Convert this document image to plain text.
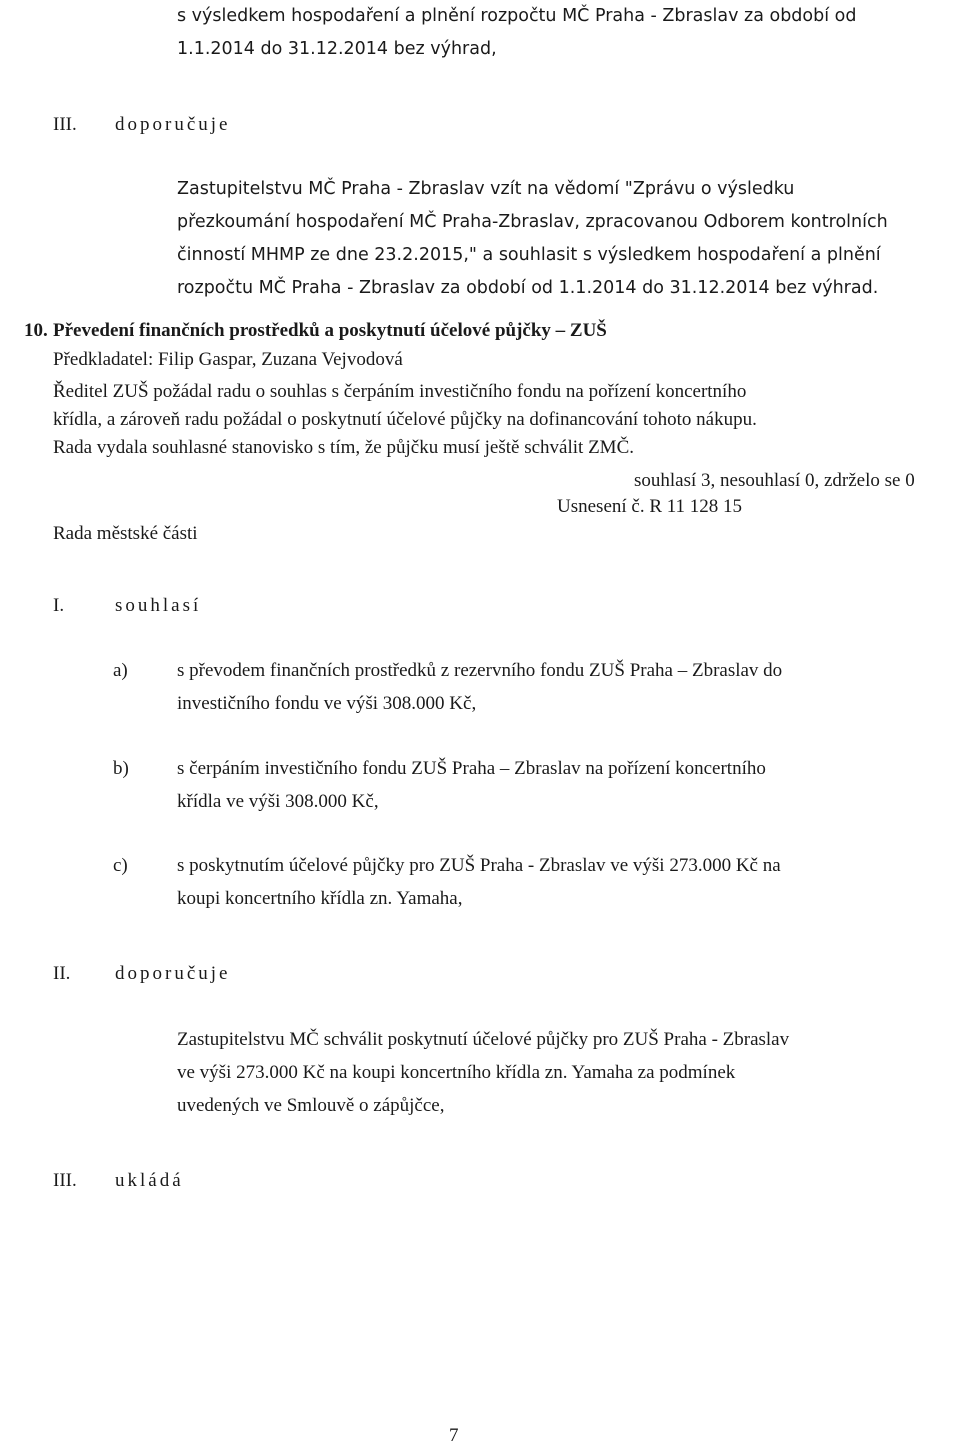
s výsledkem hospodaření a plnění rozpočtu MČ Praha - Zbraslav za období od
1.1.2014 do 31.12.2014 bez výhrad,
III. doporučuje
Zastupitelstvu MČ Praha - Zbraslav vzít na vědomí "Zprávu o výsledku
přezkoumání hospodaření MČ Praha-Zbraslav, zpracovanou Odborem kontrolních
činností MHMP ze dne 23.2.2015," a souhlasit s výsledkem hospodaření a plnění
rozpočtu MČ Praha - Zbraslav za období od 1.1.2014 do 31.12.2014 bez výhrad.
10. Převedení finančních prostředků a poskytnutí účelové půjčky – ZUŠ
Předkladatel: Filip Gaspar, Zuzana Vejvodová
Ředitel ZUŠ požádal radu o souhlas s čerpáním investičního fondu na pořízení koncertního
křídla, a zároveň radu požádal o poskytnutí účelové půjčky na dofinancování tohoto nákupu.
Rada vydala souhlasné stanovisko s tím, že půjčku musí ještě schválit ZMČ.
souhlasí 3, nesouhlasí 0, zdrželo se 0
Usnesení č. R 11 128 15
Rada městské části
I.	souhlasí
a)	s převodem finančních prostředků z rezervního fondu ZUŠ Praha – Zbraslav do
investičního fondu ve výši 308.000 Kč,
b)	s čerpáním investičního fondu ZUŠ Praha – Zbraslav na pořízení koncertního
křídla ve výši 308.000 Kč,
c)	s poskytnutím účelové půjčky pro ZUŠ Praha - Zbraslav ve výši 273.000 Kč na
koupi koncertního křídla zn. Yamaha,
II. doporučuje
Zastupitelstvu MČ schválit poskytnutí účelové půjčky pro ZUŠ Praha - Zbraslav
ve výši 273.000 Kč na koupi koncertního křídla zn. Yamaha za podmínek
uvedených ve Smlouvě o zápůjčce,
III. ukládá
7
